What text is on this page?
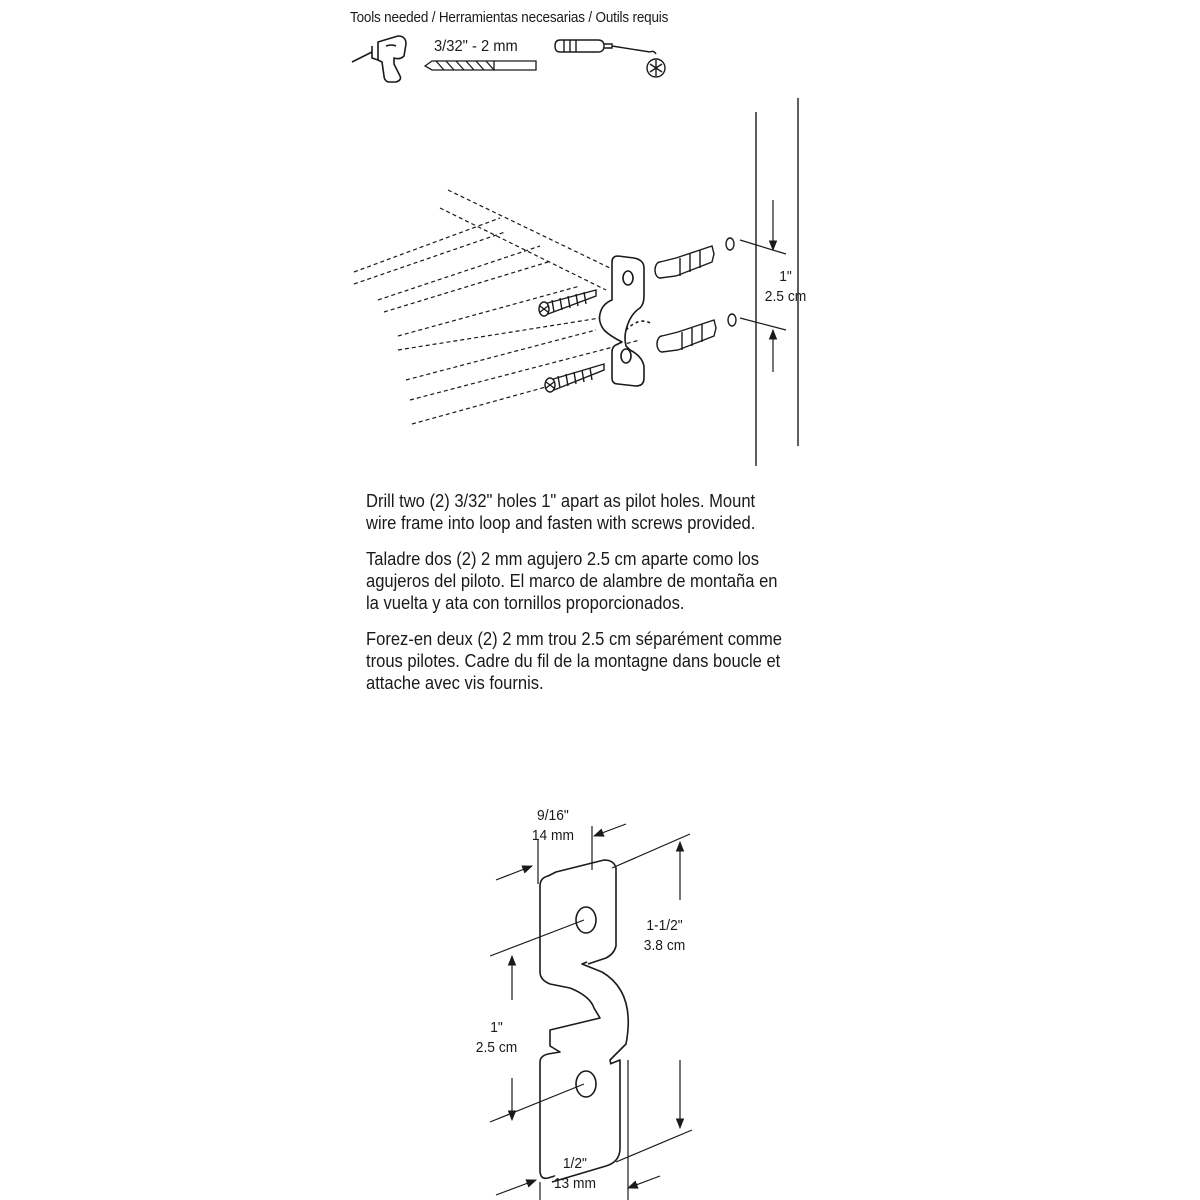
Tools needed / Herramientas necesarias / Outils requis
3/32" - 2 mm
1"
2.5 cm

Drill two (2) 3/32" holes 1" apart as pilot holes. Mount wire frame into loop and fasten with screws provided.

Taladre dos (2) 2 mm agujero 2.5 cm aparte como los agujeros del piloto. El marco de alambre de montaña en la vuelta y ata con tornillos proporcionados.

Forez-en deux (2) 2 mm trou 2.5 cm séparément comme trous pilotes. Cadre du fil de la montagne dans boucle et attache avec vis fournis.

9/16"
14 mm
1-1/2"
3.8 cm
1"
2.5 cm
1/2"
13 mm
